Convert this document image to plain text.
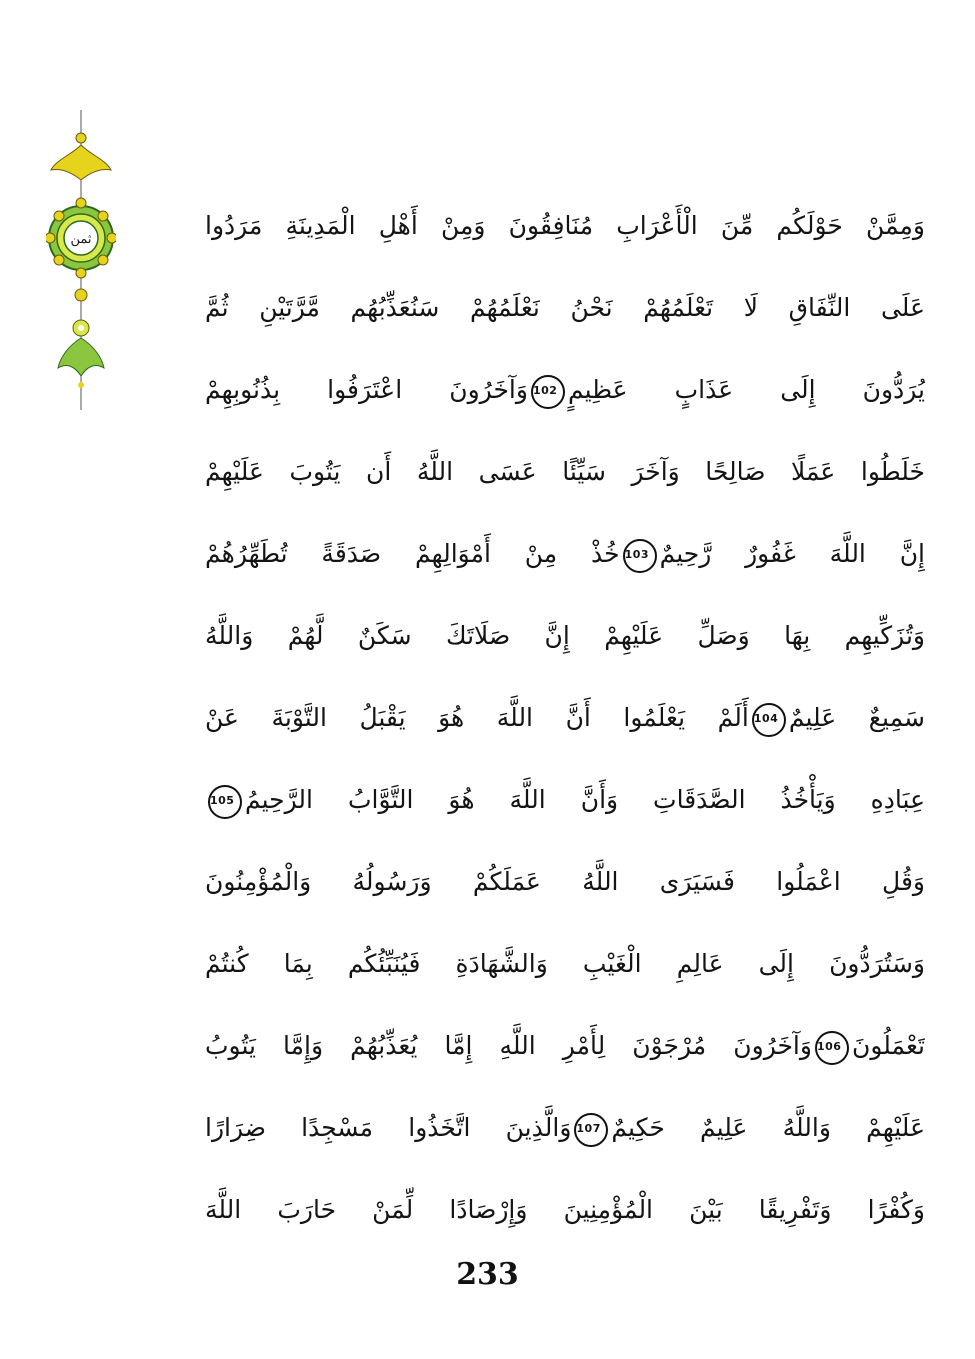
ثمن	وَمِمَّنْ حَوْلَكُم مِّنَ الْأَعْرَابِ مُنَافِقُونَ وَمِنْ أَهْلِ الْمَدِينَةِ مَرَدُوا
عَلَى النِّفَاقِ لَا تَعْلَمُهُمْ نَحْنُ نَعْلَمُهُمْ سَنُعَذِّبُهُم مَّرَّتَيْنِ ثُمَّ
يُرَدُّونَ إِلَى عَذَابٍ عَظِيمٍ102وَآخَرُونَ اعْتَرَفُوا بِذُنُوبِهِمْ
خَلَطُوا عَمَلًا صَالِحًا وَآخَرَ سَيِّئًا عَسَى اللَّهُ أَن يَتُوبَ عَلَيْهِمْ
إِنَّ اللَّهَ غَفُورٌ رَّحِيمٌ103خُذْ مِنْ أَمْوَالِهِمْ صَدَقَةً تُطَهِّرُهُمْ
وَتُزَكِّيهِم بِهَا وَصَلِّ عَلَيْهِمْ إِنَّ صَلَاتَكَ سَكَنٌ لَّهُمْ وَاللَّهُ
سَمِيعٌ عَلِيمٌ104أَلَمْ يَعْلَمُوا أَنَّ اللَّهَ هُوَ يَقْبَلُ التَّوْبَةَ عَنْ
عِبَادِهِ وَيَأْخُذُ الصَّدَقَاتِ وَأَنَّ اللَّهَ هُوَ التَّوَّابُ الرَّحِيمُ105
وَقُلِ اعْمَلُوا فَسَيَرَى اللَّهُ عَمَلَكُمْ وَرَسُولُهُ وَالْمُؤْمِنُونَ
وَسَتُرَدُّونَ إِلَى عَالِمِ الْغَيْبِ وَالشَّهَادَةِ فَيُنَبِّئُكُم بِمَا كُنتُمْ
تَعْمَلُونَ106وَآخَرُونَ مُرْجَوْنَ لِأَمْرِ اللَّهِ إِمَّا يُعَذِّبُهُمْ وَإِمَّا يَتُوبُ
عَلَيْهِمْ وَاللَّهُ عَلِيمٌ حَكِيمٌ107وَالَّذِينَ اتَّخَذُوا مَسْجِدًا ضِرَارًا
وَكُفْرًا وَتَفْرِيقًا بَيْنَ الْمُؤْمِنِينَ وَإِرْصَادًا لِّمَنْ حَارَبَ اللَّهَ
233
